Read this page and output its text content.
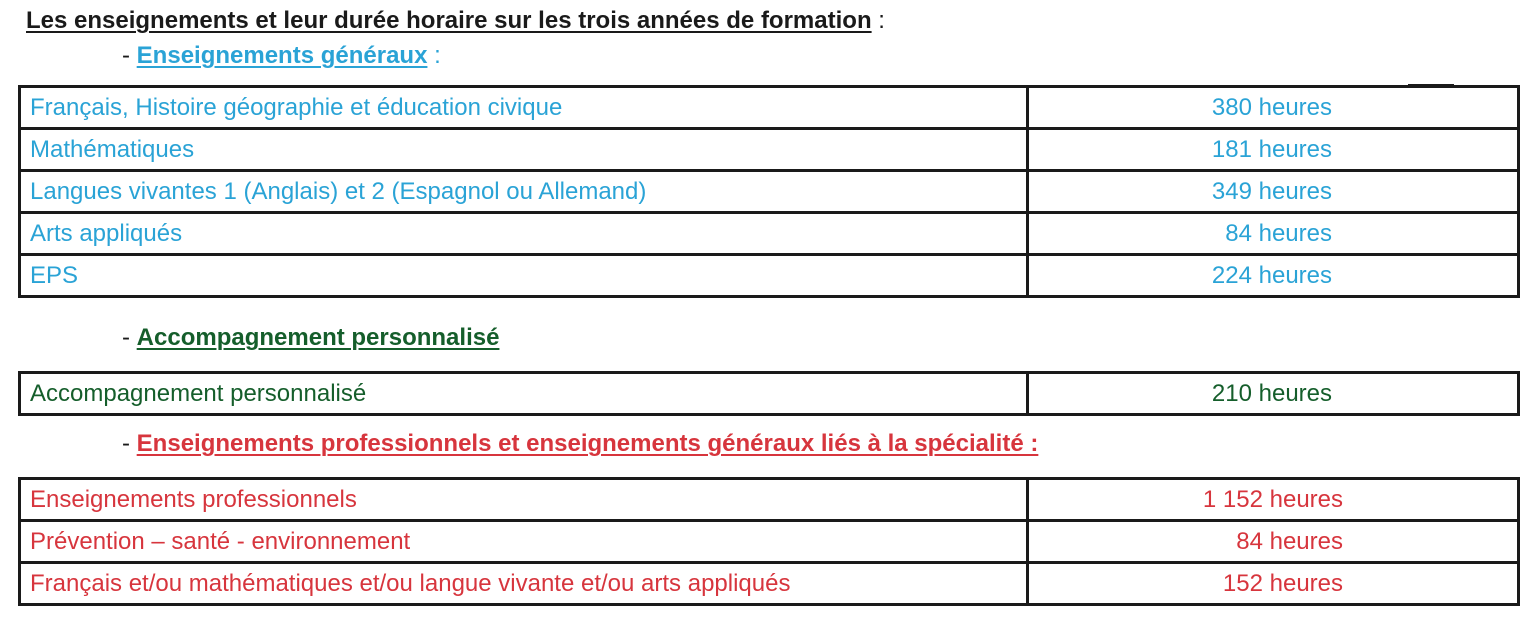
Les enseignements et leur durée horaire sur les trois années de formation :
- Enseignements généraux :
Français, Histoire géographie et éducation civique	380 heures
Mathématiques	181 heures
Langues vivantes 1 (Anglais) et 2 (Espagnol ou Allemand)	349 heures
Arts appliqués	84 heures
EPS	224 heures
- Accompagnement personnalisé
Accompagnement personnalisé	210 heures
- Enseignements professionnels et enseignements généraux liés à la spécialité :
Enseignements professionnels	1 152 heures
Prévention – santé - environnement	84 heures
Français et/ou mathématiques et/ou langue vivante et/ou arts appliqués	152 heures
